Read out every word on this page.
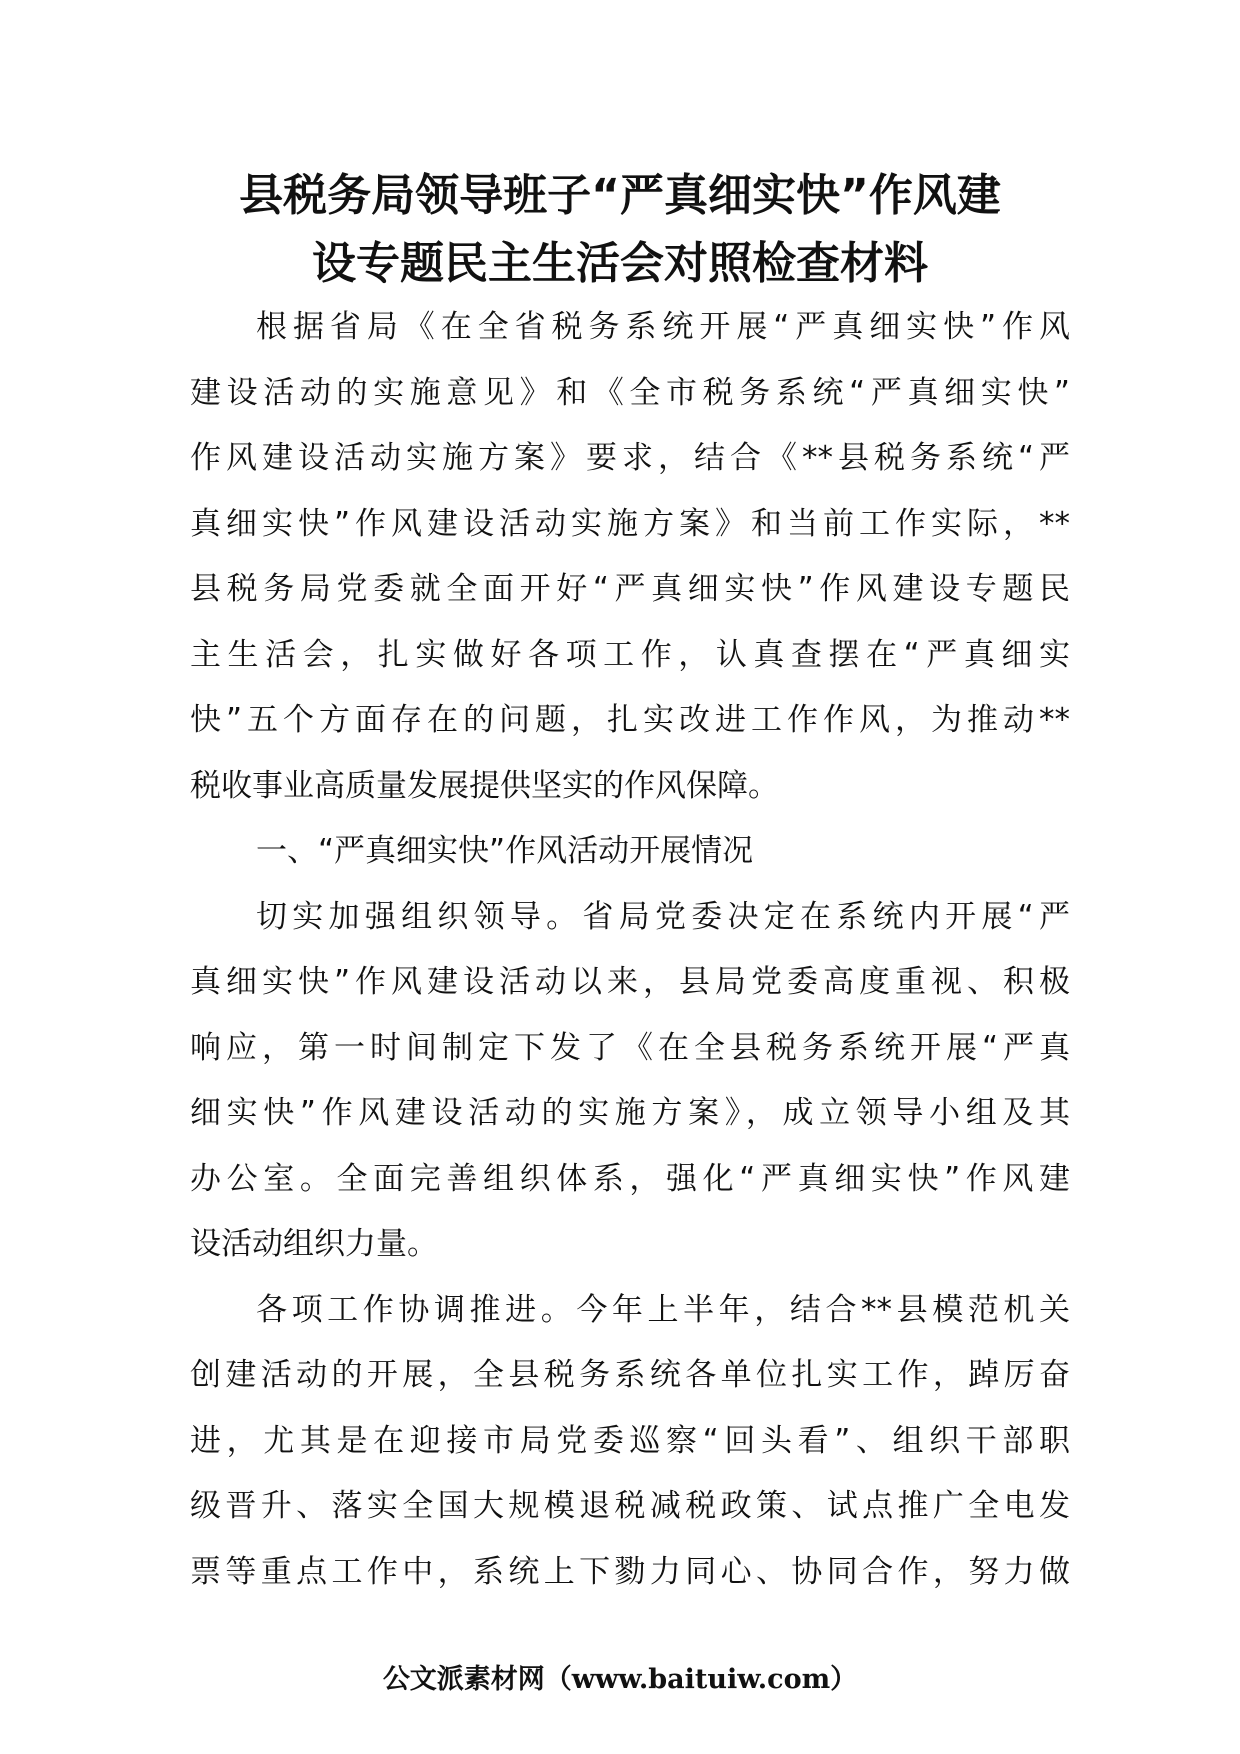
县税务局领导班子“严真细实快”作风建
设专题民主生活会对照检查材料

根据省局《在全省税务系统开展“严真细实快”作风
建设活动的实施意见》和《全市税务系统“严真细实快”
作风建设活动实施方案》要求，结合《**县税务系统“严
真细实快”作风建设活动实施方案》和当前工作实际，**
县税务局党委就全面开好“严真细实快”作风建设专题民
主生活会，扎实做好各项工作，认真查摆在“严真细实
快”五个方面存在的问题，扎实改进工作作风，为推动**
税收事业高质量发展提供坚实的作风保障。

一、“严真细实快”作风活动开展情况

切实加强组织领导。省局党委决定在系统内开展“严
真细实快”作风建设活动以来，县局党委高度重视、积极
响应，第一时间制定下发了《在全县税务系统开展“严真
细实快”作风建设活动的实施方案》，成立领导小组及其
办公室。全面完善组织体系，强化“严真细实快”作风建
设活动组织力量。

各项工作协调推进。今年上半年，结合**县模范机关
创建活动的开展，全县税务系统各单位扎实工作，踔厉奋
进，尤其是在迎接市局党委巡察“回头看”、组织干部职
级晋升、落实全国大规模退税减税政策、试点推广全电发
票等重点工作中，系统上下勠力同心、协同合作，努力做

公文派素材网（www.baituiw.com）
